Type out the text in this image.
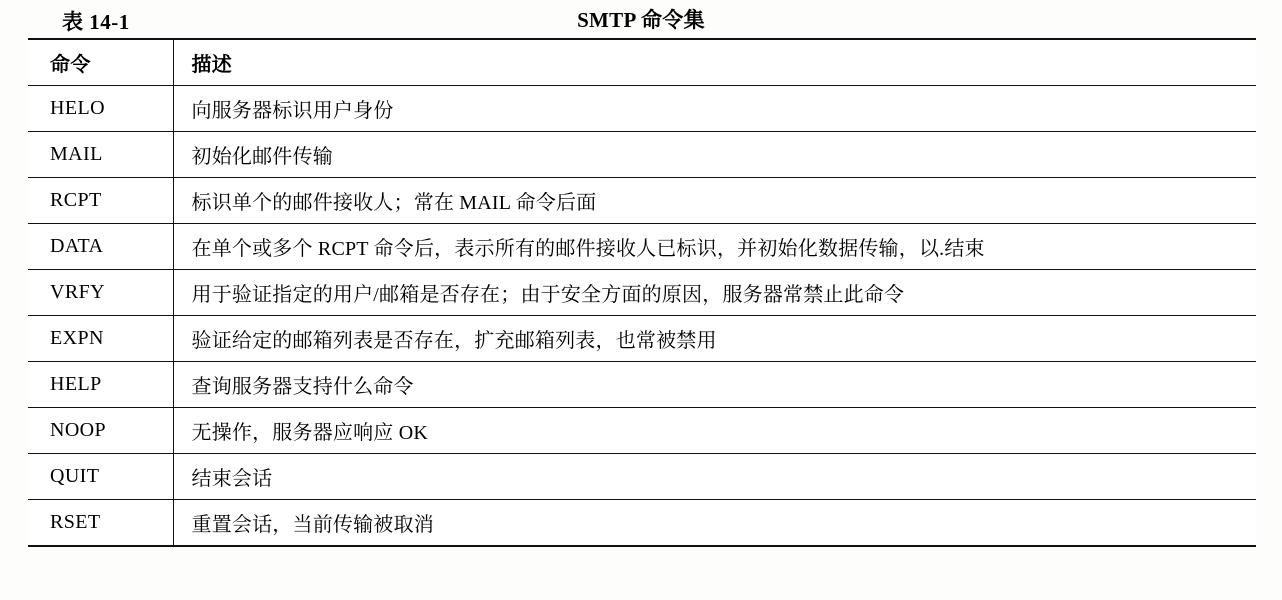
表 14-1	SMTP 命令集
命令	描述
HELO	向服务器标识用户身份
MAIL	初始化邮件传输
RCPT	标识单个的邮件接收人；常在 MAIL 命令后面
DATA	在单个或多个 RCPT 命令后，表示所有的邮件接收人已标识，并初始化数据传输，以.结束
VRFY	用于验证指定的用户/邮箱是否存在；由于安全方面的原因，服务器常禁止此命令
EXPN	验证给定的邮箱列表是否存在，扩充邮箱列表，也常被禁用
HELP	查询服务器支持什么命令
NOOP	无操作，服务器应响应 OK
QUIT	结束会话
RSET	重置会话，当前传输被取消
